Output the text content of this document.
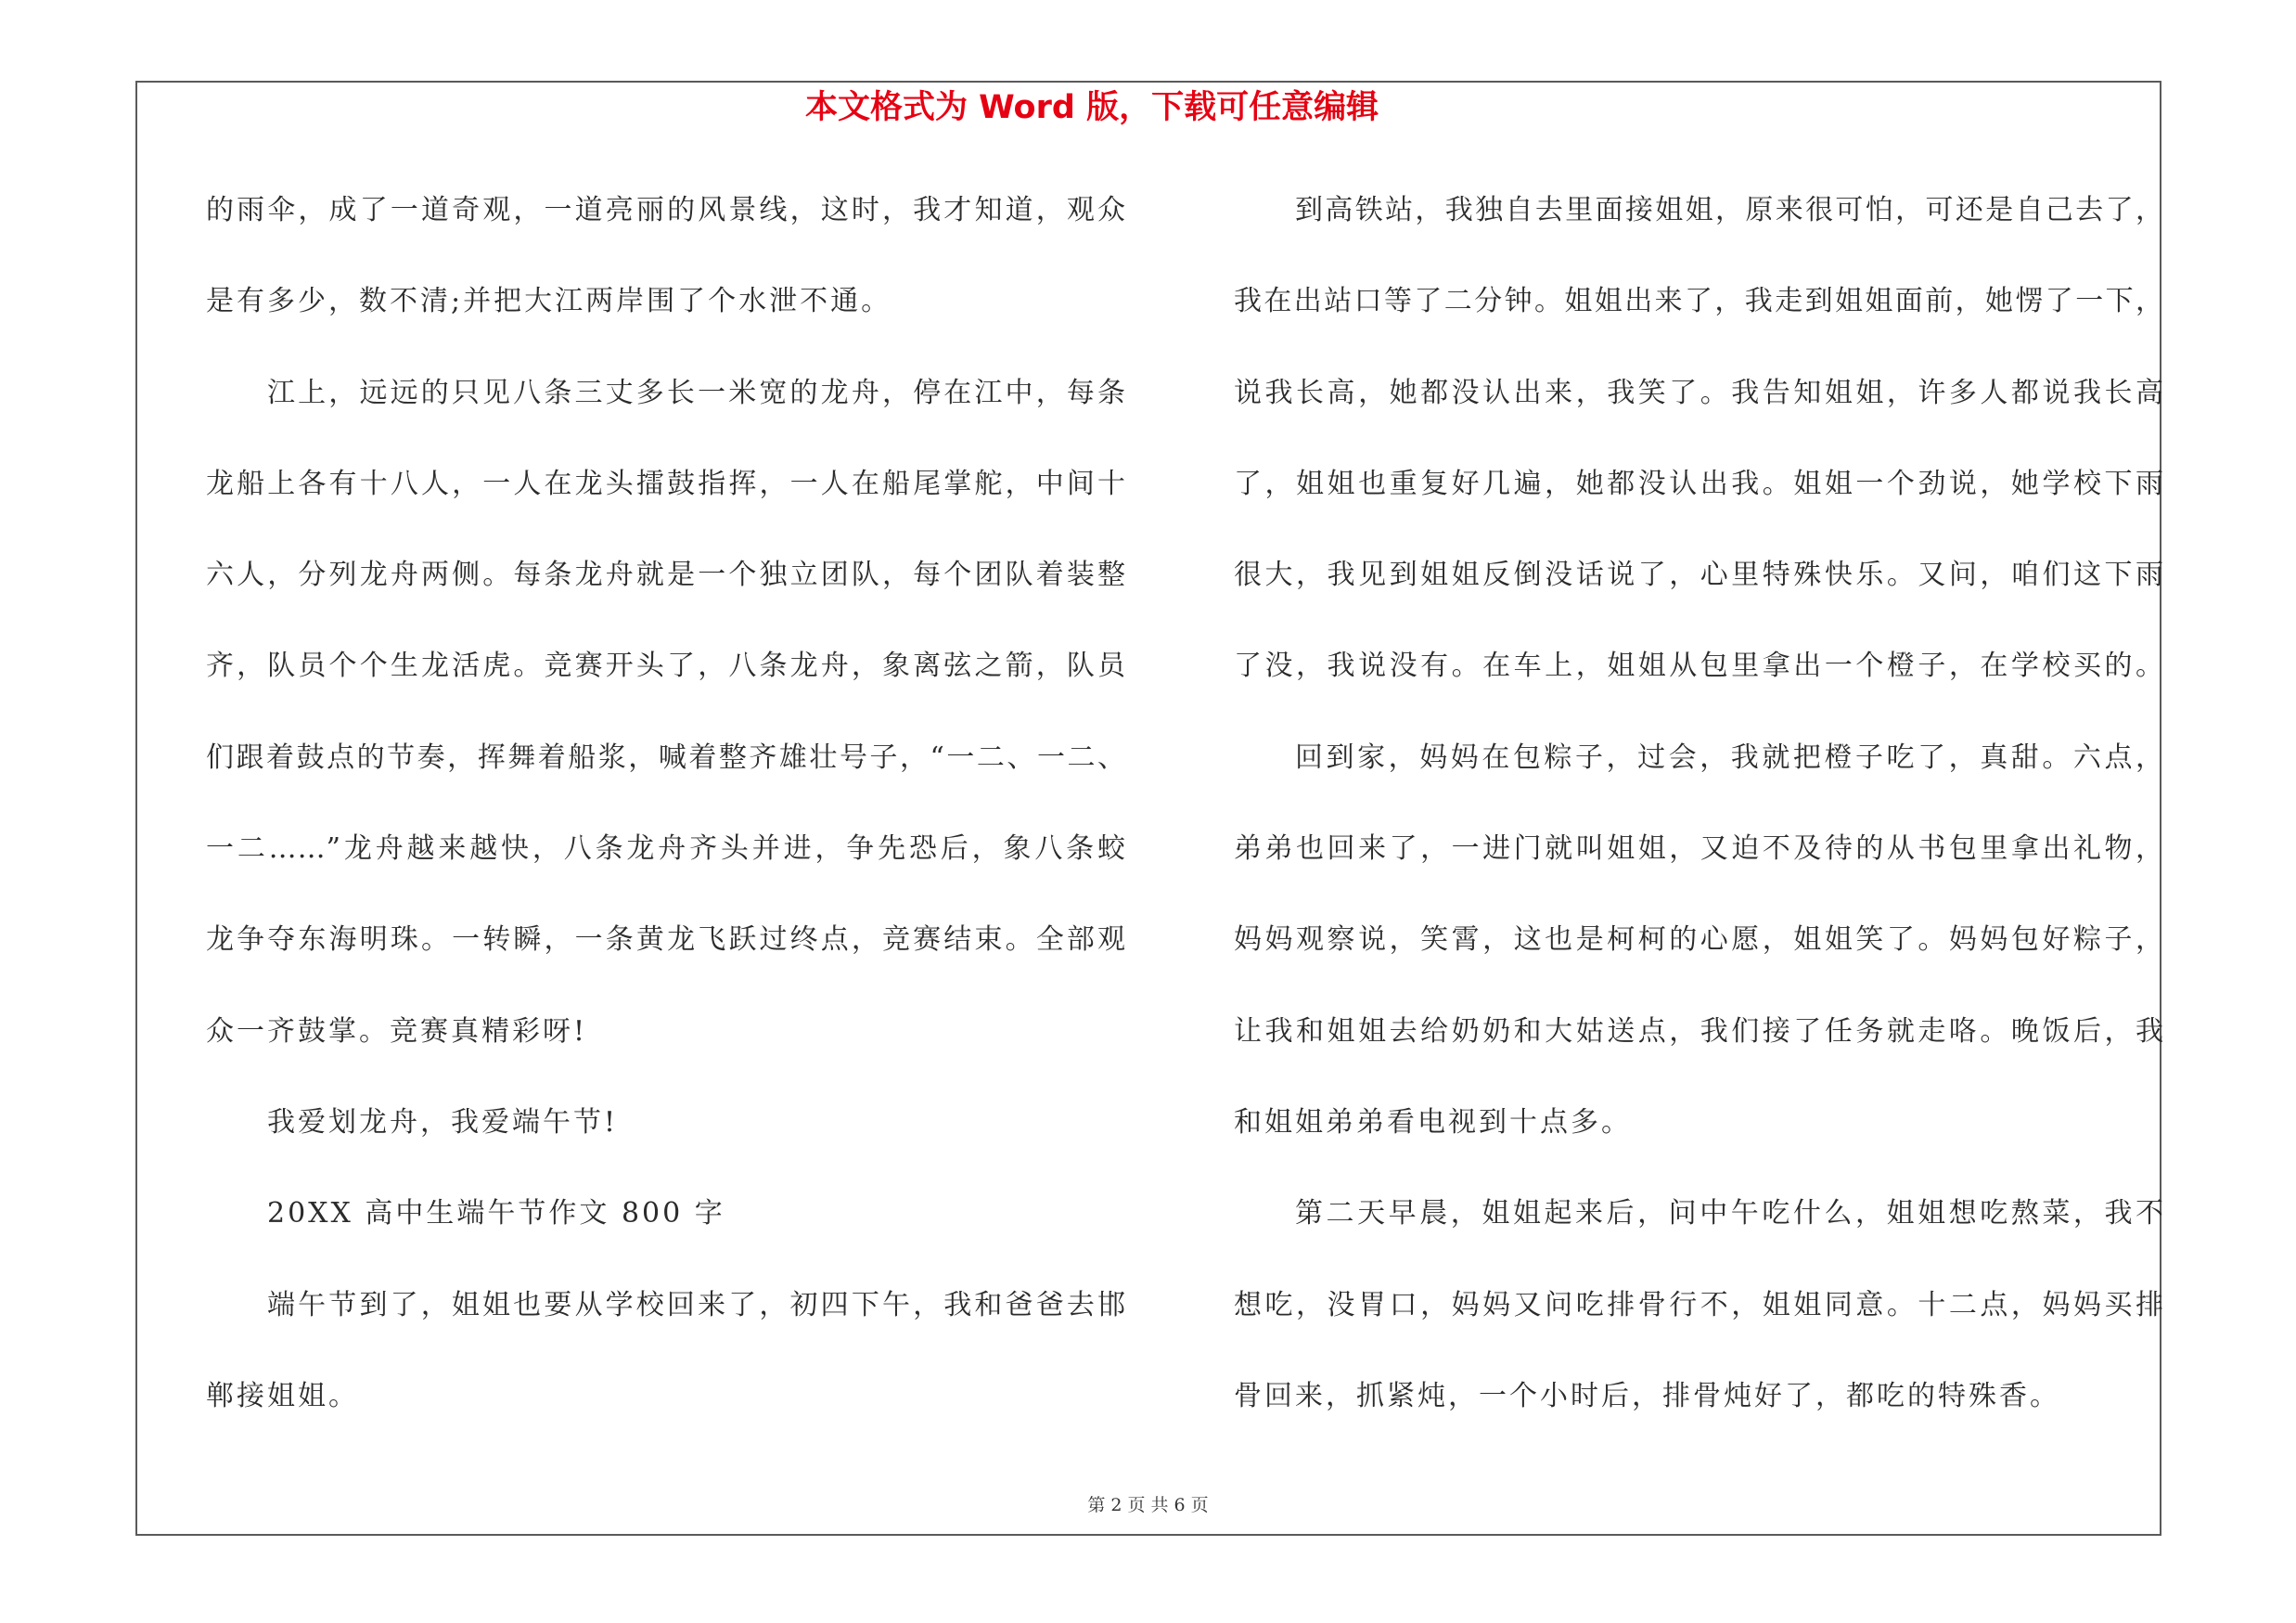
本文格式为 Word 版，下载可任意编辑
的雨伞，成了一道奇观，一道亮丽的风景线，这时，我才知道，观众
是有多少，数不清;并把大江两岸围了个水泄不通。
江上，远远的只见八条三丈多长一米宽的龙舟，停在江中，每条
龙船上各有十八人，一人在龙头擂鼓指挥，一人在船尾掌舵，中间十
六人，分列龙舟两侧。每条龙舟就是一个独立团队，每个团队着装整
齐，队员个个生龙活虎。竞赛开头了，八条龙舟，象离弦之箭，队员
们跟着鼓点的节奏，挥舞着船浆，喊着整齐雄壮号子，“一二、一二、
一二……”龙舟越来越快，八条龙舟齐头并进，争先恐后，象八条蛟
龙争夺东海明珠。一转瞬，一条黄龙飞跃过终点，竞赛结束。全部观
众一齐鼓掌。竞赛真精彩呀!
我爱划龙舟，我爱端午节!
20XX 高中生端午节作文 800 字
端午节到了，姐姐也要从学校回来了，初四下午，我和爸爸去邯
郸接姐姐。
到高铁站，我独自去里面接姐姐，原来很可怕，可还是自己去了，
我在出站口等了二分钟。姐姐出来了，我走到姐姐面前，她愣了一下，
说我长高，她都没认出来，我笑了。我告知姐姐，许多人都说我长高
了，姐姐也重复好几遍，她都没认出我。姐姐一个劲说，她学校下雨
很大，我见到姐姐反倒没话说了，心里特殊快乐。又问，咱们这下雨
了没，我说没有。在车上，姐姐从包里拿出一个橙子，在学校买的。
回到家，妈妈在包粽子，过会，我就把橙子吃了，真甜。六点，
弟弟也回来了，一进门就叫姐姐，又迫不及待的从书包里拿出礼物，
妈妈观察说，笑霄，这也是柯柯的心愿，姐姐笑了。妈妈包好粽子，
让我和姐姐去给奶奶和大姑送点，我们接了任务就走咯。晚饭后，我
和姐姐弟弟看电视到十点多。
第二天早晨，姐姐起来后，问中午吃什么，姐姐想吃熬菜，我不
想吃，没胃口，妈妈又问吃排骨行不，姐姐同意。十二点，妈妈买排
骨回来，抓紧炖，一个小时后，排骨炖好了，都吃的特殊香。
第 2 页 共 6 页
